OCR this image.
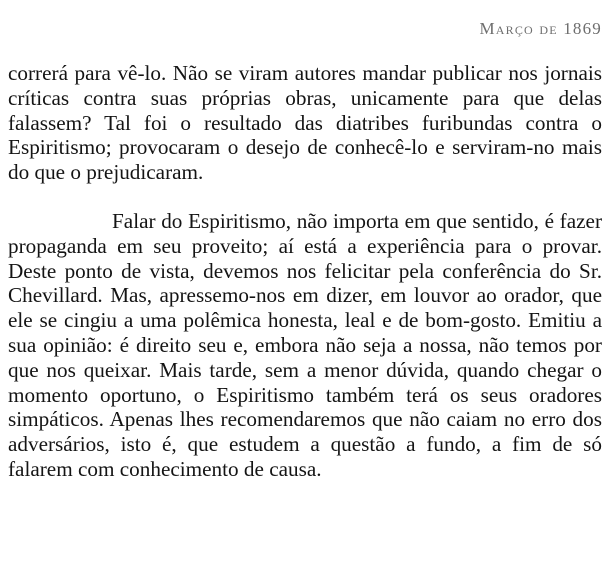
Março de 1869

correrá para vê-lo. Não se viram autores mandar publicar nos jornais críticas contra suas próprias obras, unicamente para que delas falassem? Tal foi o resultado das diatribes furibundas contra o Espiritismo; provocaram o desejo de conhecê-lo e serviram-no mais do que o prejudicaram.

Falar do Espiritismo, não importa em que sentido, é fazer propaganda em seu proveito; aí está a experiência para o provar. Deste ponto de vista, devemos nos felicitar pela conferência do Sr. Chevillard. Mas, apressemo-nos em dizer, em louvor ao orador, que ele se cingiu a uma polêmica honesta, leal e de bom-gosto. Emitiu a sua opinião: é direito seu e, embora não seja a nossa, não temos por que nos queixar. Mais tarde, sem a menor dúvida, quando chegar o momento oportuno, o Espiritismo também terá os seus oradores simpáticos. Apenas lhes recomendaremos que não caiam no erro dos adversários, isto é, que estudem a questão a fundo, a fim de só falarem com conhecimento de causa.
